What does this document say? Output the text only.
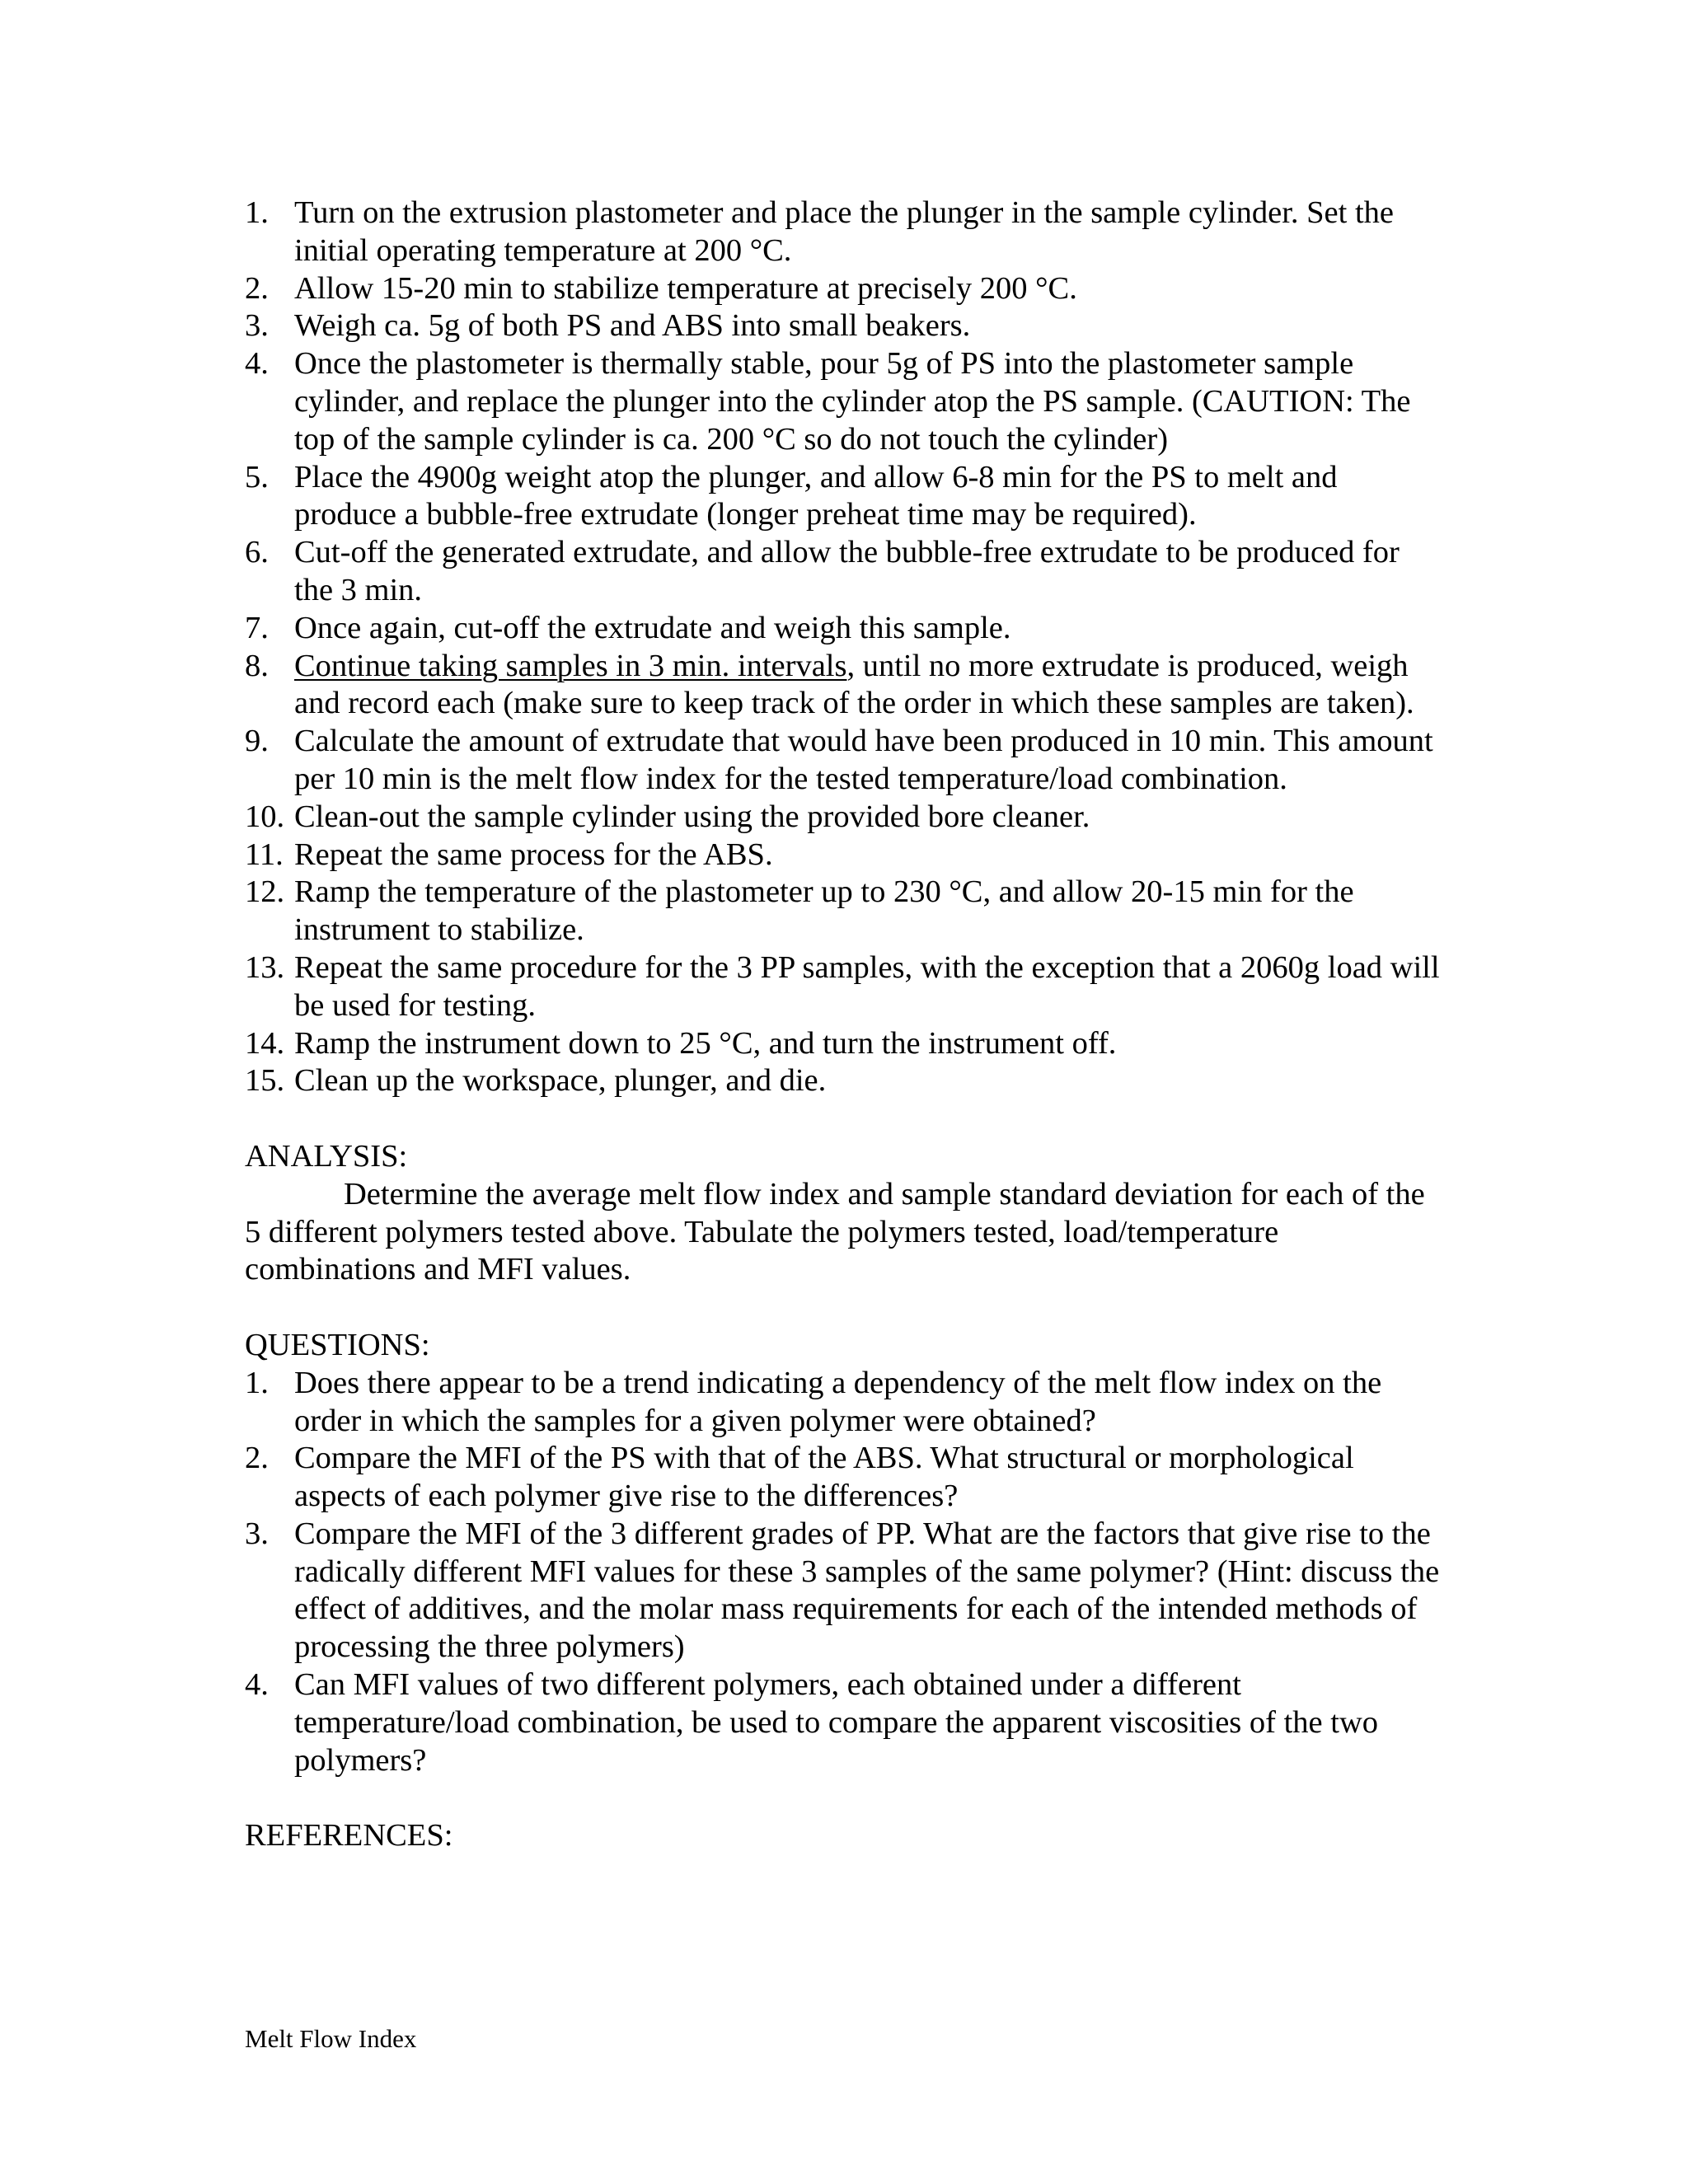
1. Turn on the extrusion plastometer and place the plunger in the sample cylinder. Set the initial operating temperature at 200 °C.
2. Allow 15-20 min to stabilize temperature at precisely 200 °C.
3. Weigh ca. 5g of both PS and ABS into small beakers.
4. Once the plastometer is thermally stable, pour 5g of PS into the plastometer sample cylinder, and replace the plunger into the cylinder atop the PS sample. (CAUTION: The top of the sample cylinder is ca. 200 °C so do not touch the cylinder)
5. Place the 4900g weight atop the plunger, and allow 6-8 min for the PS to melt and produce a bubble-free extrudate (longer preheat time may be required).
6. Cut-off the generated extrudate, and allow the bubble-free extrudate to be produced for the 3 min.
7. Once again, cut-off the extrudate and weigh this sample.
8. Continue taking samples in 3 min. intervals, until no more extrudate is produced, weigh and record each (make sure to keep track of the order in which these samples are taken).
9. Calculate the amount of extrudate that would have been produced in 10 min. This amount per 10 min is the melt flow index for the tested temperature/load combination.
10. Clean-out the sample cylinder using the provided bore cleaner.
11. Repeat the same process for the ABS.
12. Ramp the temperature of the plastometer up to 230 °C, and allow 20-15 min for the instrument to stabilize.
13. Repeat the same procedure for the 3 PP samples, with the exception that a 2060g load will be used for testing.
14. Ramp the instrument down to 25 °C, and turn the instrument off.
15. Clean up the workspace, plunger, and die.
ANALYSIS:
Determine the average melt flow index and sample standard deviation for each of the 5 different polymers tested above. Tabulate the polymers tested, load/temperature combinations and MFI values.
QUESTIONS:
1. Does there appear to be a trend indicating a dependency of the melt flow index on the order in which the samples for a given polymer were obtained?
2. Compare the MFI of the PS with that of the ABS. What structural or morphological aspects of each polymer give rise to the differences?
3. Compare the MFI of the 3 different grades of PP. What are the factors that give rise to the radically different MFI values for these 3 samples of the same polymer? (Hint: discuss the effect of additives, and the molar mass requirements for each of the intended methods of processing the three polymers)
4. Can MFI values of two different polymers, each obtained under a different temperature/load combination, be used to compare the apparent viscosities of the two polymers?
REFERENCES:
Melt Flow Index
